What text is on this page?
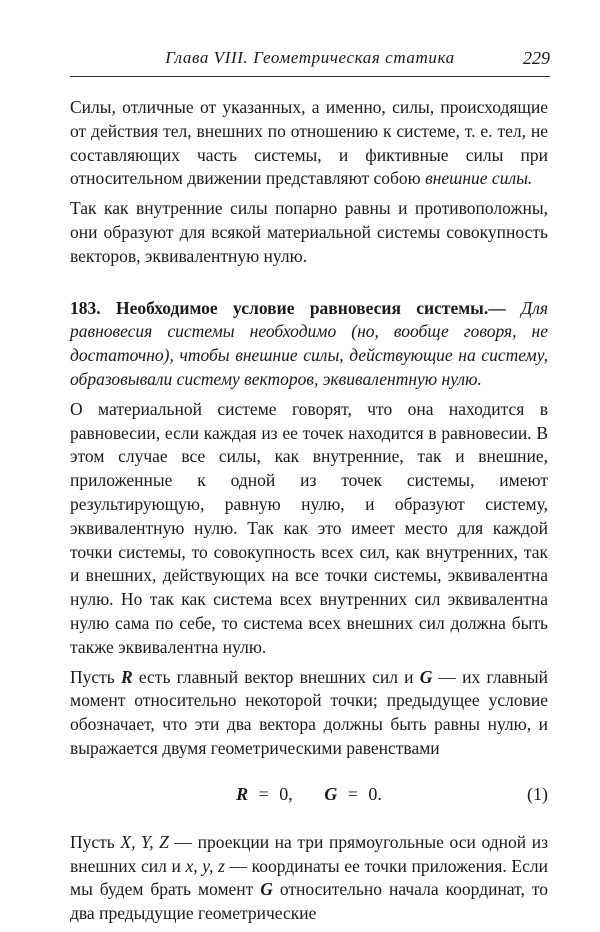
Глава VIII. Геометрическая статика	229

Силы, отличные от указанных, а именно, силы, происходящие от действия тел, внешних по отношению к системе, т. е. тел, не составляющих часть системы, и фиктивные силы при относительном движении представляют собою внешние силы.

Так как внутренние силы попарно равны и противоположны, они образуют для всякой материальной системы совокупность векторов, эквивалентную нулю.

183. Необходимое условие равновесия системы.— Для равновесия системы необходимо (но, вообще говоря, не достаточно), чтобы внешние силы, действующие на систему, образовывали систему векторов, эквивалентную нулю.

О материальной системе говорят, что она находится в равновесии, если каждая из ее точек находится в равновесии. В этом случае все силы, как внутренние, так и внешние, приложенные к одной из точек системы, имеют результирующую, равную нулю, и образуют систему, эквивалентную нулю. Так как это имеет место для каждой точки системы, то совокупность всех сил, как внутренних, так и внешних, действующих на все точки системы, эквивалентна нулю. Но так как система всех внутренних сил эквивалентна нулю сама по себе, то система всех внешних сил должна быть также эквивалентна нулю.

Пусть R есть главный вектор внешних сил и G — их главный момент относительно некоторой точки; предыдущее условие обозначает, что эти два вектора должны быть равны нулю, и выражается двумя геометрическими равенствами

R = 0,   G = 0.	(1)

Пусть X, Y, Z — проекции на три прямоугольные оси одной из внешних сил и x, y, z — координаты ее точки приложения. Если мы будем брать момент G относительно начала координат, то два предыдущие геометрические
